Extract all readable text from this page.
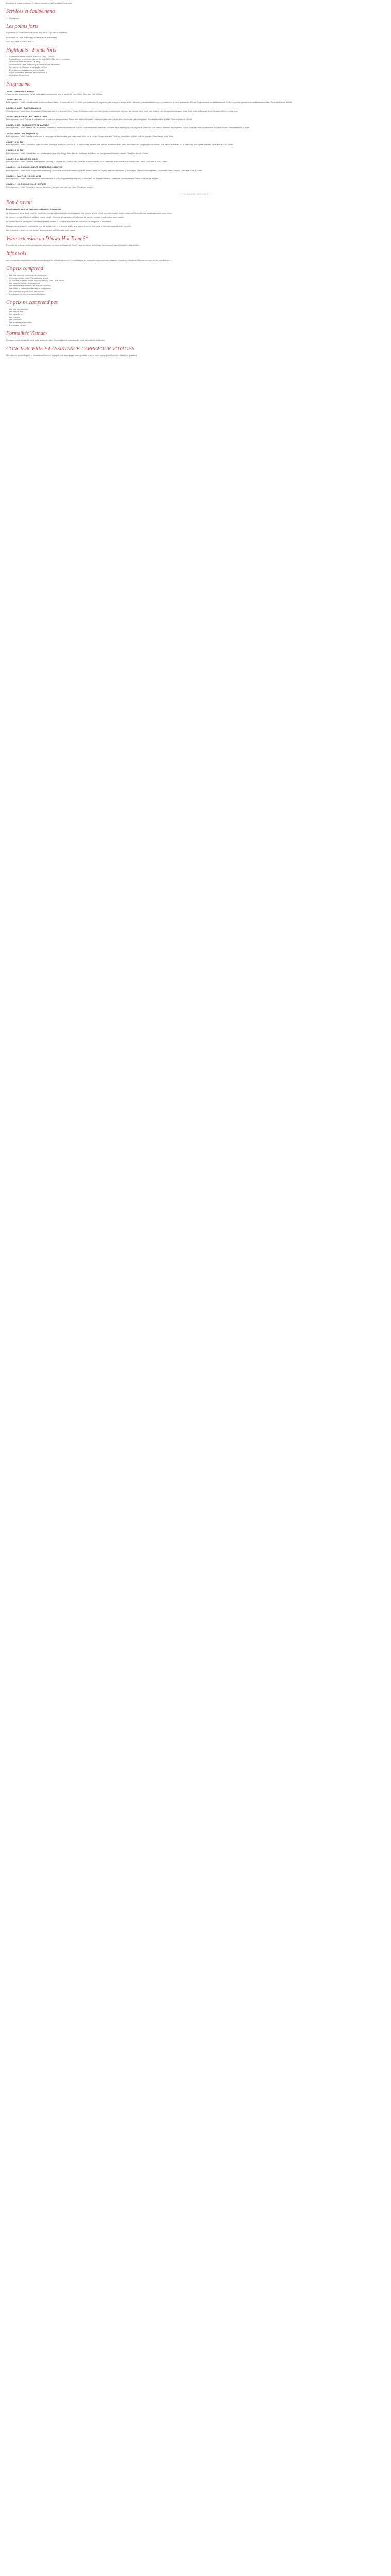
Excursion à la carte composer. Ce prix ne comprend pas Formalités Consulaires

Services et équipements
• Consignerie
Les points forts

Exploration du centre historique de Hoi An (UNESCO) à pied et en bateau

Découverte de Delta du Mékong en bateau et par les sentiers

Vous séjournez à l'Hôtel Lotus 3*

Highlights - Points forts
• Croisière en bateau privé de Baie d'Ha Long — 2e nuit
• Exploration du centre historique de Hoi An (UNESCO) à pied et en bateau
• Visite du marché flottant de Cai Rang
• Découverte de Delta du Mékong en bateau et par les sentiers
• Une journée à vélo dans la campagne de Hue
• Dîner dans un restaurant de cuisine locale
• Séjour confortable dans des établissements 3*
• Assistance francophone
Programme
JOUR 1 : ARRIVÉE À HANOÏ

À votre arrivée à l'aéroport d'Hanoï, votre guide vous accueille pour le transfert à votre hôtel. Dîner libre. Nuit à l'hôtel.

JOUR 2 : HANOÏ

Petit-déjeuner à l'hôtel. Journée dédiée à la découverte d'Hanoï : le mausolée d'Ho Chi Minh (vue extérieure), la pagode au pilier unique, le temple de la Littérature, puis une balade en cyclo-pousse dans le vieux quartier des 36 rues. Déjeuner dans un restaurant local. En fin de journée, spectacle de marionnettes sur l'eau. Dîner libre et nuit à l'hôtel.

JOUR 3 : HANOÏ - BAIE D'HA LONG

Petit-déjeuner à l'hôtel. Route vers la baie d'Ha Long à travers le delta du Fleuve Rouge. Embarquement à bord d'une jonque traditionnelle. Déjeuner de fruits de mer à bord, puis croisière parmi les pitons karstiques, visite d'une grotte et baignade selon la saison. Dîner et nuit à bord.

JOUR 4 : BAIE D'HA LONG - HANOÏ - HUE

Petit-déjeuner à bord. Suite de la croisière dans la baie puis débarquement. Retour vers Hanoï et transfert à l'aéroport pour votre vol vers Hue, l'ancienne capitale impériale. Accueil et transfert à l'hôtel. Dîner libre et nuit à l'hôtel.

JOUR 5 : HUE - DÉCOUVERTE DE LA VILLE

Petit-déjeuner à l'hôtel. Visite de la Cité impériale, classée au patrimoine mondial de l'UNESCO, promenade en bateau sur la rivière des Parfums jusqu'à la pagode de Thien Mu, puis visite du tombeau de l'empereur Tu Duc. Déjeuner dans un restaurant de cuisine locale. Dîner libre et nuit à l'hôtel.

JOUR 6 : HUE - HOI AN (140 KM)

Petit-déjeuner à l'hôtel. Journée à vélo dans la campagne de Hue le matin, puis route vers Hoi An par le col des Nuages et arrêt à Da Nang. Installation à l'hôtel en fin de journée. Dîner libre et nuit à l'hôtel.

JOUR 7 : HOI AN

Petit-déjeuner à l'hôtel. Exploration à pied du centre historique de Hoi An (UNESCO) : le pont couvert japonais, les maisons anciennes et les salles de réunion des congrégations chinoises, puis balade en bateau sur la rivière Thu Bon. Après-midi libre. Dîner libre et nuit à l'hôtel.

JOUR 8 : HOI AN

Petit-déjeuner à l'hôtel. Journée libre pour profiter de la plage d'An Bang, flâner dans les boutiques de tailleurs ou vous promener dans les rizières. Dîner libre et nuit à l'hôtel.

JOUR 9 : HOI AN - HO CHI MINH

Petit-déjeuner à l'hôtel. Transfert à l'aéroport de Da Nang et vol pour Ho Chi Minh Ville. Visite de la poste centrale, de la cathédrale Notre-Dame et du marché Ben Thanh. Dîner libre et nuit à l'hôtel.

JOUR 10 : HO CHI MINH - DELTA DU MÉKONG - CAN THO

Petit-déjeuner à l'hôtel. Route vers le delta du Mékong. Découverte du delta en bateau et par les sentiers, visite de vergers, d'ateliers artisanaux et de villages. Déjeuner chez l'habitant. Continuation vers Can Tho. Dîner libre et nuit à l'hôtel.

JOUR 11 : CAN THO - HO CHI MINH

Petit-déjeuner à l'hôtel. Visite matinale du marché flottant de Cai Rang puis retour vers Ho Chi Minh Ville. Fin d'après-midi libre. Dîner dans un restaurant de cuisine locale et nuit à l'hôtel.

JOUR 12 : HO CHI MINH VILLE - DÉPART

Petit-déjeuner à l'hôtel. Temps libre jusqu'au transfert à l'aéroport pour votre vol retour. Fin de nos services.

*** FIN DE NOS SERVICES ***
Bon à savoir

Départ garanti à partir de 2 personnes et jusqu'à 16 personnes

Le déroulement de ce circuit peut être modifié en fonction des conditions météorologiques, des horaires de vols et des impératifs locaux, tout en respectant l'ensemble des visites prévues au programme.

La croisière en baie d'Ha Long se fait en jonque privée ; l'itinéraire de navigation est défini par les autorités locales et peut évoluer sans préavis.

Le nombre de nuits à bord et les activités proposées pendant la croisière dépendent des conditions de navigation et de la saison.

Prévoyez des chaussures confortables pour les visites à pied et la journée à vélo, ainsi qu'une tenue correcte pour la visite des pagodes et des temples.

Les déjeuners et dîners non mentionnés au programme sont libres et à votre charge.

Votre extension au Dhawa Hoi Tram 5*

Possibilité de prolonger votre séjour par une extension balnéaire au Dhawa Hoi Tram 5*, sur la côte sud du Vietnam. Nous consulter pour les tarifs et disponibilités.

Infos vols

Les horaires des vols intérieurs sont communiqués à titre indicatif et peuvent être modifiés par les compagnies aériennes. Les bagages en soute sont limités à 20 kg par personne sur les vols intérieurs.

Ce prix comprend
• Les vols intérieurs mentionnés au programme
• L'hébergement en hôtels 3* en chambre double
• La croisière en jonque privée en baie d'Ha Long avec 1 nuit à bord
• Les repas mentionnés au programme
• Les transferts et le transport en véhicule climatisé
• Les visites et entrées mentionnées au programme
• Les services d'un guide local francophone
• L'assistance de notre représentant sur place
Ce prix ne comprend pas
• Les vols internationaux
• Les frais de visa
• Les repas libres
• Les boissons
• Les pourboires
• Les dépenses personnelles
• L'assurance voyage
Formalités Vietnam

Passeport valide au moins 6 mois après la date de retour. Visa obligatoire, nous consulter pour les modalités d'obtention.

CONCIERGERIE ET ASSISTANCE CARREFOUR VOYAGES

Notre service de conciergerie et d'assistance Carrefour Voyages vous accompagne avant, pendant et après votre voyage pour répondre à toutes vos questions.
